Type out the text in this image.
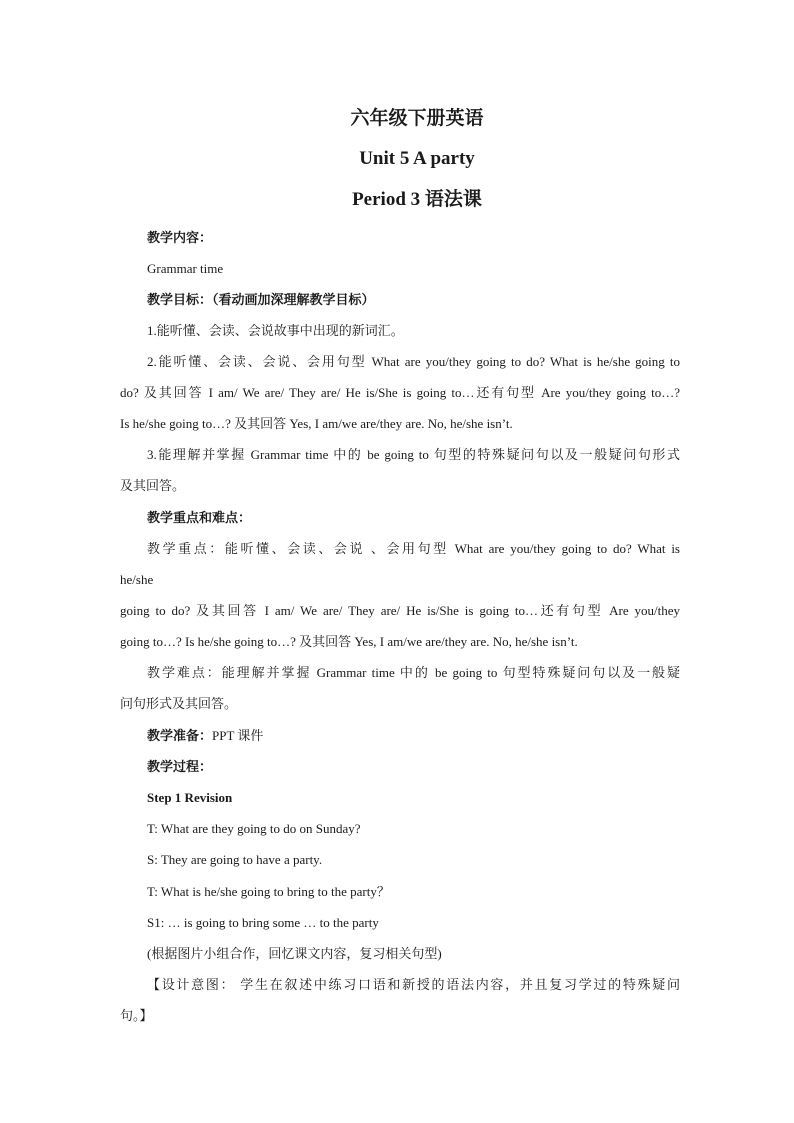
六年级下册英语
Unit 5 A party
Period 3 语法课
教学内容：
Grammar time
教学目标：（看动画加深理解教学目标）
1.能听懂、会读、会说故事中出现的新词汇。
2.能听懂、会读、会说、会用句型 What are you/they going to do? What is he/she going to
do? 及其回答 I am/ We are/ They are/ He is/She is going to…还有句型 Are you/they going to…?
Is he/she going to…? 及其回答 Yes, I am/we are/they are. No, he/she isn’t.
3.能理解并掌握 Grammar time 中的 be going to 句型的特殊疑问句以及一般疑问句形式
及其回答。
教学重点和难点：
教学重点：能听懂、会读、会说 、会用句型 What are you/they going to do? What is
he/she
going to do? 及其回答 I am/ We are/ They are/ He is/She is going to…还有句型 Are you/they
going to…? Is he/she going to…? 及其回答 Yes, I am/we are/they are. No, he/she isn’t.
教学难点：能理解并掌握 Grammar time 中的 be going to 句型特殊疑问句以及一般疑
问句形式及其回答。
教学准备：PPT 课件
教学过程：
Step 1 Revision
T: What are they going to do on Sunday?
S: They are going to have a party.
T: What is he/she going to bring to the party？
S1: … is going to bring some … to the party
(根据图片小组合作，回忆课文内容，复习相关句型)
【设计意图： 学生在叙述中练习口语和新授的语法内容，并且复习学过的特殊疑问
句。】
